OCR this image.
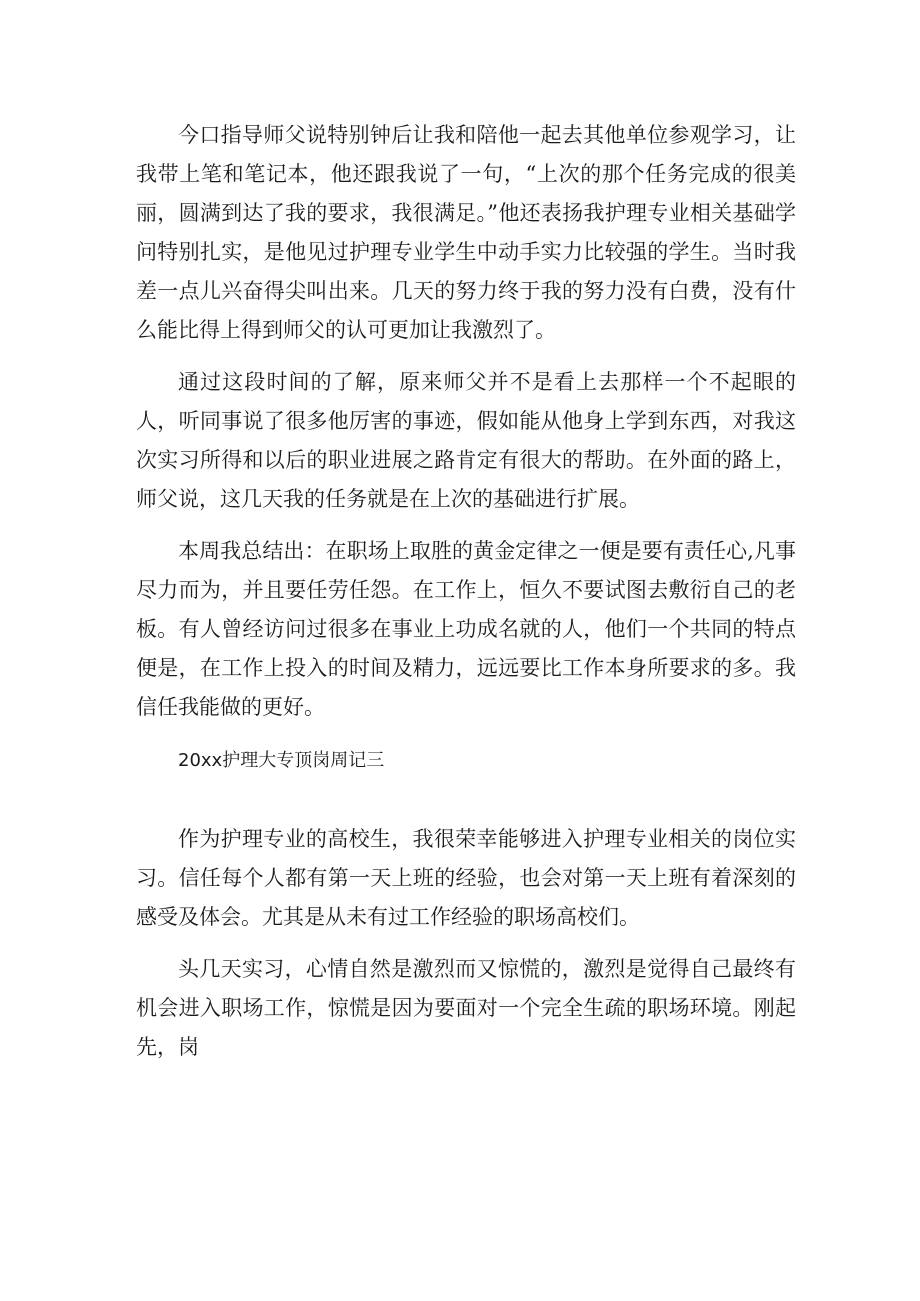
今口指导师父说特别钟后让我和陪他一起去其他单位参观学习，让我带上笔和笔记本，他还跟我说了一句，“上次的那个任务完成的很美丽，圆满到达了我的要求，我很满足。”他还表扬我护理专业相关基础学问特别扎实，是他见过护理专业学生中动手实力比较强的学生。当时我差一点儿兴奋得尖叫出来。几天的努力终于我的努力没有白费，没有什么能比得上得到师父的认可更加让我激烈了。

通过这段时间的了解，原来师父并不是看上去那样一个不起眼的人，听同事说了很多他厉害的事迹，假如能从他身上学到东西，对我这次实习所得和以后的职业进展之路肯定有很大的帮助。在外面的路上，师父说，这几天我的任务就是在上次的基础进行扩展。

本周我总结出：在职场上取胜的黄金定律之一便是要有责任心,凡事尽力而为，并且要任劳任怨。在工作上，恒久不要试图去敷衍自己的老板。有人曾经访问过很多在事业上功成名就的人，他们一个共同的特点便是，在工作上投入的时间及精力，远远要比工作本身所要求的多。我信任我能做的更好。

20xx护理大专顶岗周记三

作为护理专业的高校生，我很荣幸能够进入护理专业相关的岗位实习。信任每个人都有第一天上班的经验，也会对第一天上班有着深刻的感受及体会。尤其是从未有过工作经验的职场高校们。

头几天实习，心情自然是激烈而又惊慌的，激烈是觉得自己最终有机会进入职场工作，惊慌是因为要面对一个完全生疏的职场环境。刚起先，岗
